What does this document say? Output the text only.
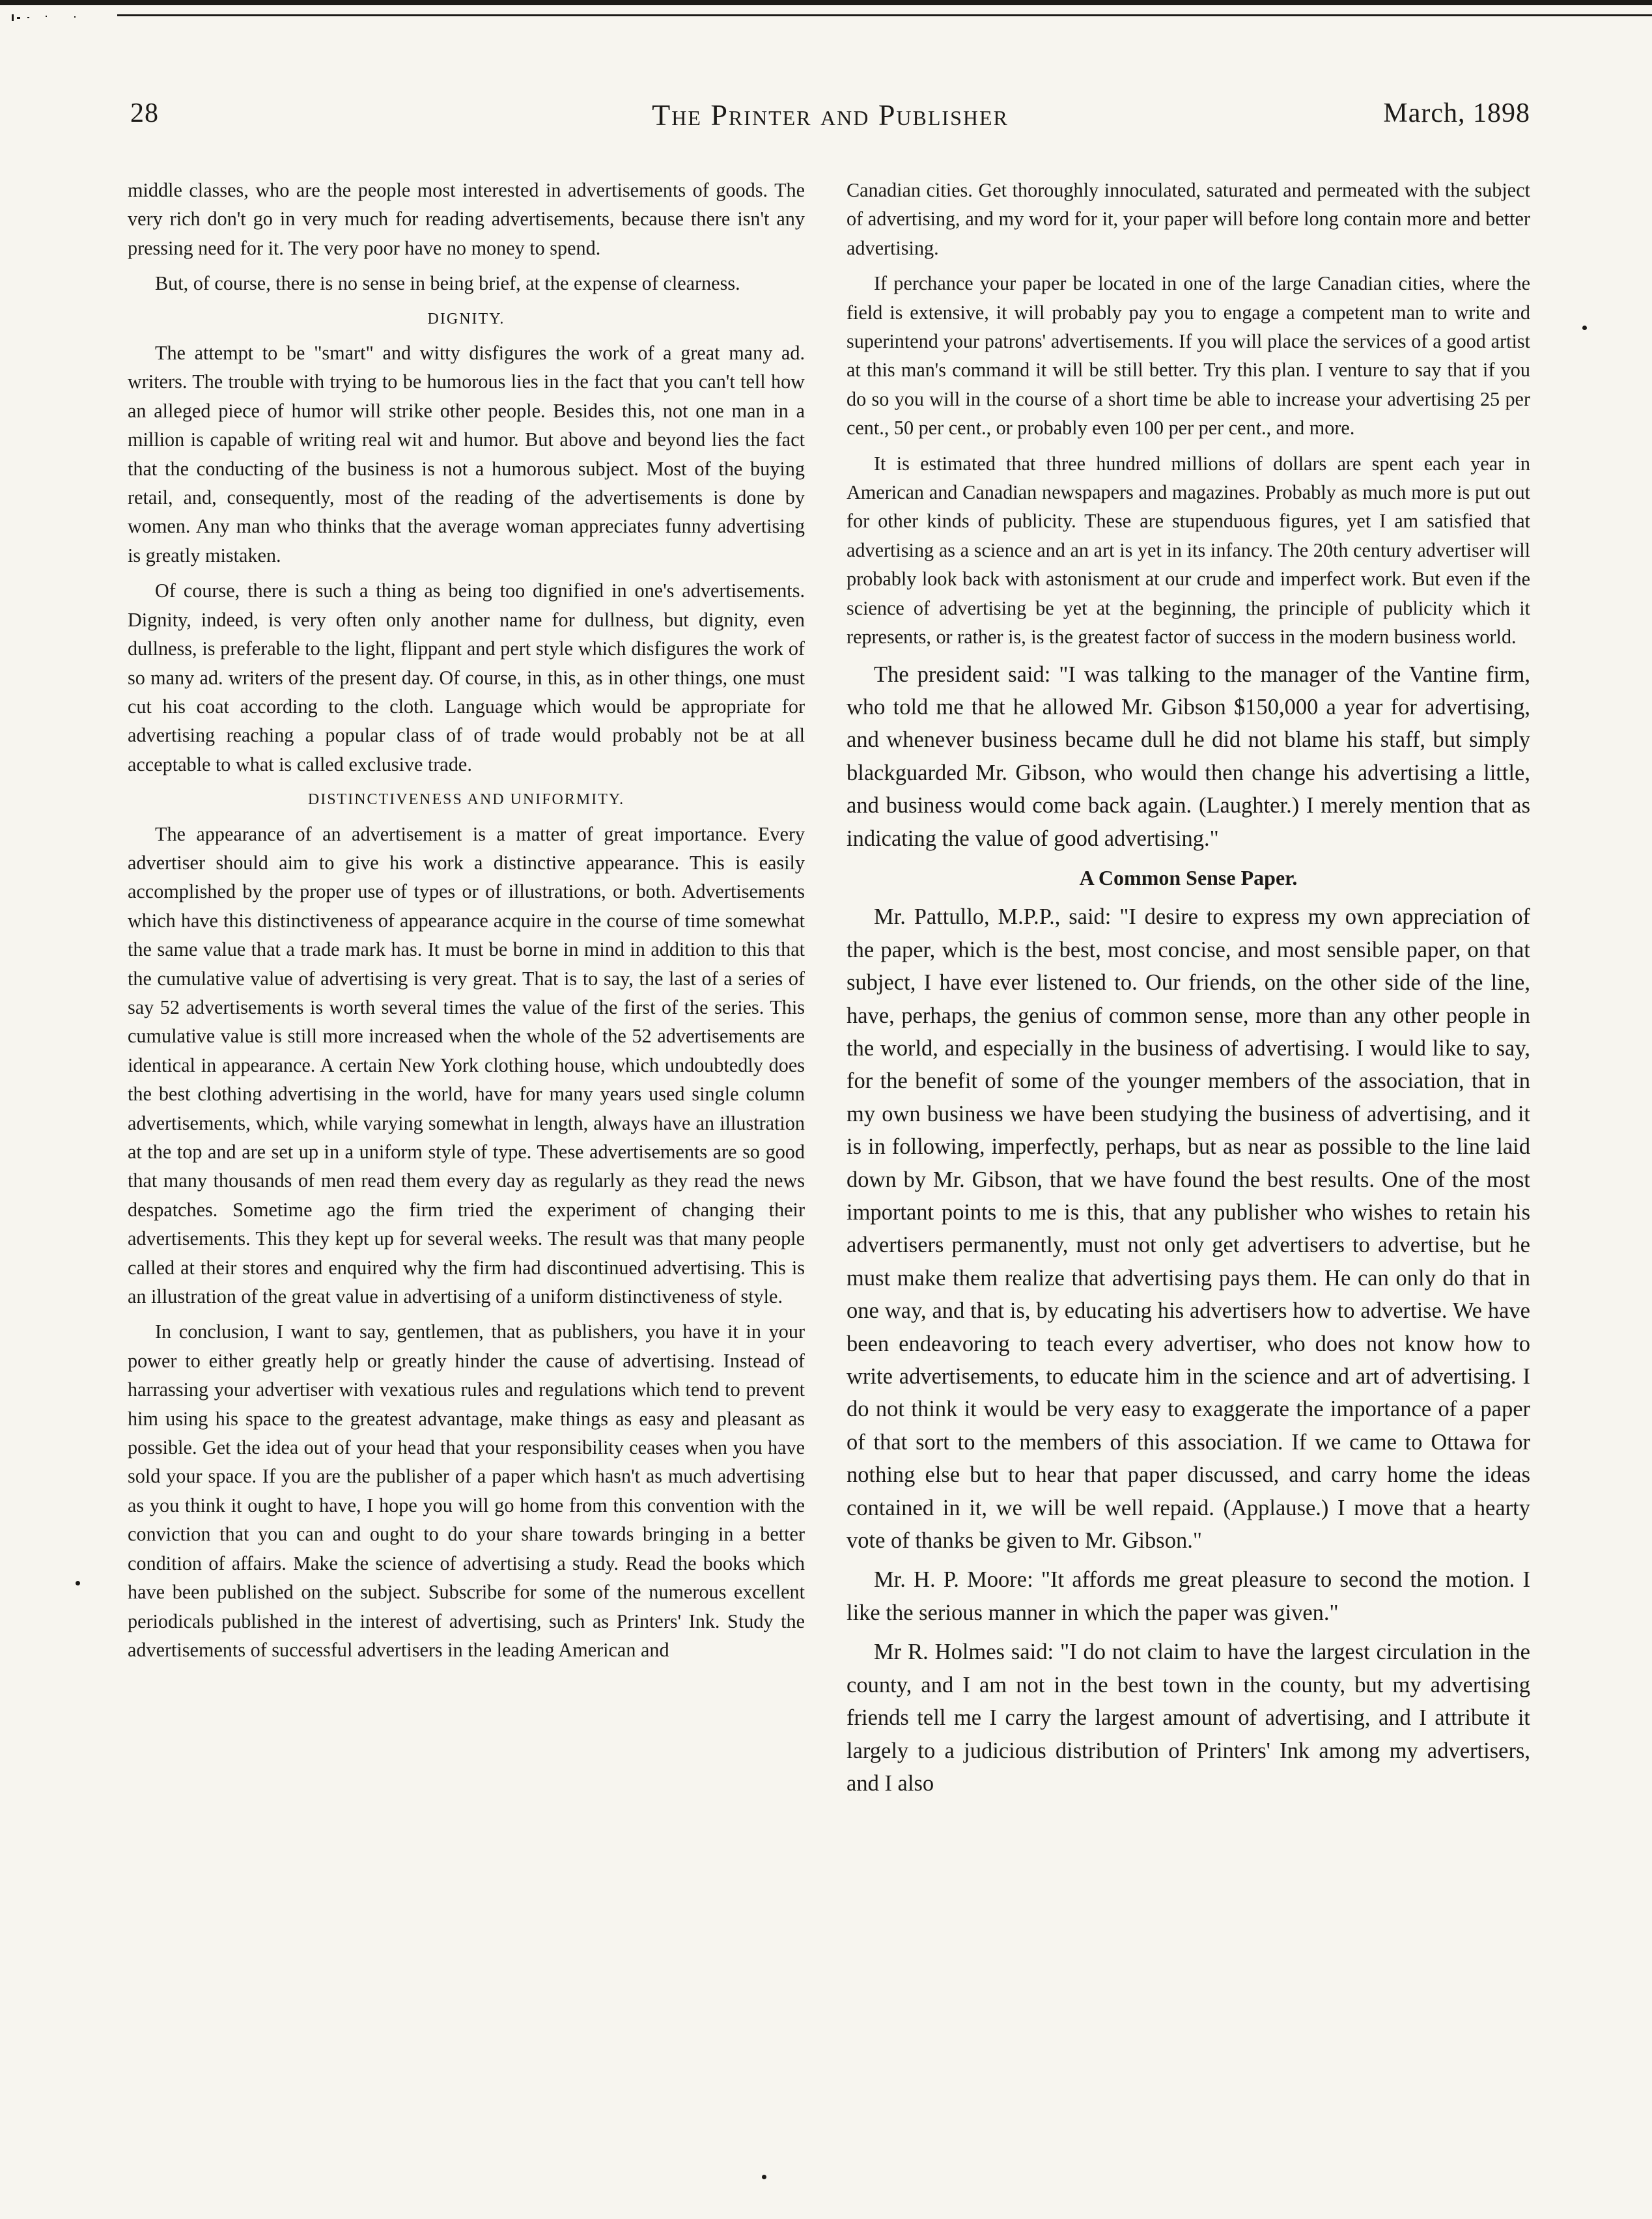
28	The Printer and Publisher	March, 1898

middle classes, who are the people most interested in advertisements of goods. The very rich don't go in very much for reading advertisements, because there isn't any pressing need for it. The very poor have no money to spend.

But, of course, there is no sense in being brief, at the expense of clearness.

DIGNITY.

The attempt to be "smart" and witty disfigures the work of a great many ad. writers. The trouble with trying to be humorous lies in the fact that you can't tell how an alleged piece of humor will strike other people. Besides this, not one man in a million is capable of writing real wit and humor. But above and beyond lies the fact that the conducting of the business is not a humorous subject. Most of the buying retail, and, consequently, most of the reading of the advertisements is done by women. Any man who thinks that the average woman appreciates funny advertising is greatly mistaken.

Of course, there is such a thing as being too dignified in one's advertisements. Dignity, indeed, is very often only another name for dullness, but dignity, even dullness, is preferable to the light, flippant and pert style which disfigures the work of so many ad. writers of the present day. Of course, in this, as in other things, one must cut his coat according to the cloth. Language which would be appropriate for advertising reaching a popular class of of trade would probably not be at all acceptable to what is called exclusive trade.

DISTINCTIVENESS AND UNIFORMITY.

The appearance of an advertisement is a matter of great importance. Every advertiser should aim to give his work a distinctive appearance. This is easily accomplished by the proper use of types or of illustrations, or both. Advertisements which have this distinctiveness of appearance acquire in the course of time somewhat the same value that a trade mark has. It must be borne in mind in addition to this that the cumulative value of advertising is very great. That is to say, the last of a series of say 52 advertisements is worth several times the value of the first of the series. This cumulative value is still more increased when the whole of the 52 advertisements are identical in appearance. A certain New York clothing house, which undoubtedly does the best clothing advertising in the world, have for many years used single column advertisements, which, while varying somewhat in length, always have an illustration at the top and are set up in a uniform style of type. These advertisements are so good that many thousands of men read them every day as regularly as they read the news despatches. Sometime ago the firm tried the experiment of changing their advertisements. This they kept up for several weeks. The result was that many people called at their stores and enquired why the firm had discontinued advertising. This is an illustration of the great value in advertising of a uniform distinctiveness of style.

In conclusion, I want to say, gentlemen, that as publishers, you have it in your power to either greatly help or greatly hinder the cause of advertising. Instead of harrassing your advertiser with vexatious rules and regulations which tend to prevent him using his space to the greatest advantage, make things as easy and pleasant as possible. Get the idea out of your head that your responsibility ceases when you have sold your space. If you are the publisher of a paper which hasn't as much advertising as you think it ought to have, I hope you will go home from this convention with the conviction that you can and ought to do your share towards bringing in a better condition of affairs. Make the science of advertising a study. Read the books which have been published on the subject. Subscribe for some of the numerous excellent periodicals published in the interest of advertising, such as Printers' Ink. Study the advertisements of successful advertisers in the leading American and

Canadian cities. Get thoroughly innoculated, saturated and permeated with the subject of advertising, and my word for it, your paper will before long contain more and better advertising.

If perchance your paper be located in one of the large Canadian cities, where the field is extensive, it will probably pay you to engage a competent man to write and superintend your patrons' advertisements. If you will place the services of a good artist at this man's command it will be still better. Try this plan. I venture to say that if you do so you will in the course of a short time be able to increase your advertising 25 per cent., 50 per cent., or probably even 100 per per cent., and more.

It is estimated that three hundred millions of dollars are spent each year in American and Canadian newspapers and magazines. Probably as much more is put out for other kinds of publicity. These are stupenduous figures, yet I am satisfied that advertising as a science and an art is yet in its infancy. The 20th century advertiser will probably look back with astonisment at our crude and imperfect work. But even if the science of advertising be yet at the beginning, the principle of publicity which it represents, or rather is, is the greatest factor of success in the modern business world.

The president said: "I was talking to the manager of the Vantine firm, who told me that he allowed Mr. Gibson $150,000 a year for advertising, and whenever business became dull he did not blame his staff, but simply blackguarded Mr. Gibson, who would then change his advertising a little, and business would come back again. (Laughter.) I merely mention that as indicating the value of good advertising."

A Common Sense Paper.

Mr. Pattullo, M.P.P., said: "I desire to express my own appreciation of the paper, which is the best, most concise, and most sensible paper, on that subject, I have ever listened to. Our friends, on the other side of the line, have, perhaps, the genius of common sense, more than any other people in the world, and especially in the business of advertising. I would like to say, for the benefit of some of the younger members of the association, that in my own business we have been studying the business of advertising, and it is in following, imperfectly, perhaps, but as near as possible to the line laid down by Mr. Gibson, that we have found the best results. One of the most important points to me is this, that any publisher who wishes to retain his advertisers permanently, must not only get advertisers to advertise, but he must make them realize that advertising pays them. He can only do that in one way, and that is, by educating his advertisers how to advertise. We have been endeavoring to teach every advertiser, who does not know how to write advertisements, to educate him in the science and art of advertising. I do not think it would be very easy to exaggerate the importance of a paper of that sort to the members of this association. If we came to Ottawa for nothing else but to hear that paper discussed, and carry home the ideas contained in it, we will be well repaid. (Applause.) I move that a hearty vote of thanks be given to Mr. Gibson."

Mr. H. P. Moore: "It affords me great pleasure to second the motion. I like the serious manner in which the paper was given."

Mr R. Holmes said: "I do not claim to have the largest circulation in the county, and I am not in the best town in the county, but my advertising friends tell me I carry the largest amount of advertising, and I attribute it largely to a judicious distribution of Printers' Ink among my advertisers, and I also
